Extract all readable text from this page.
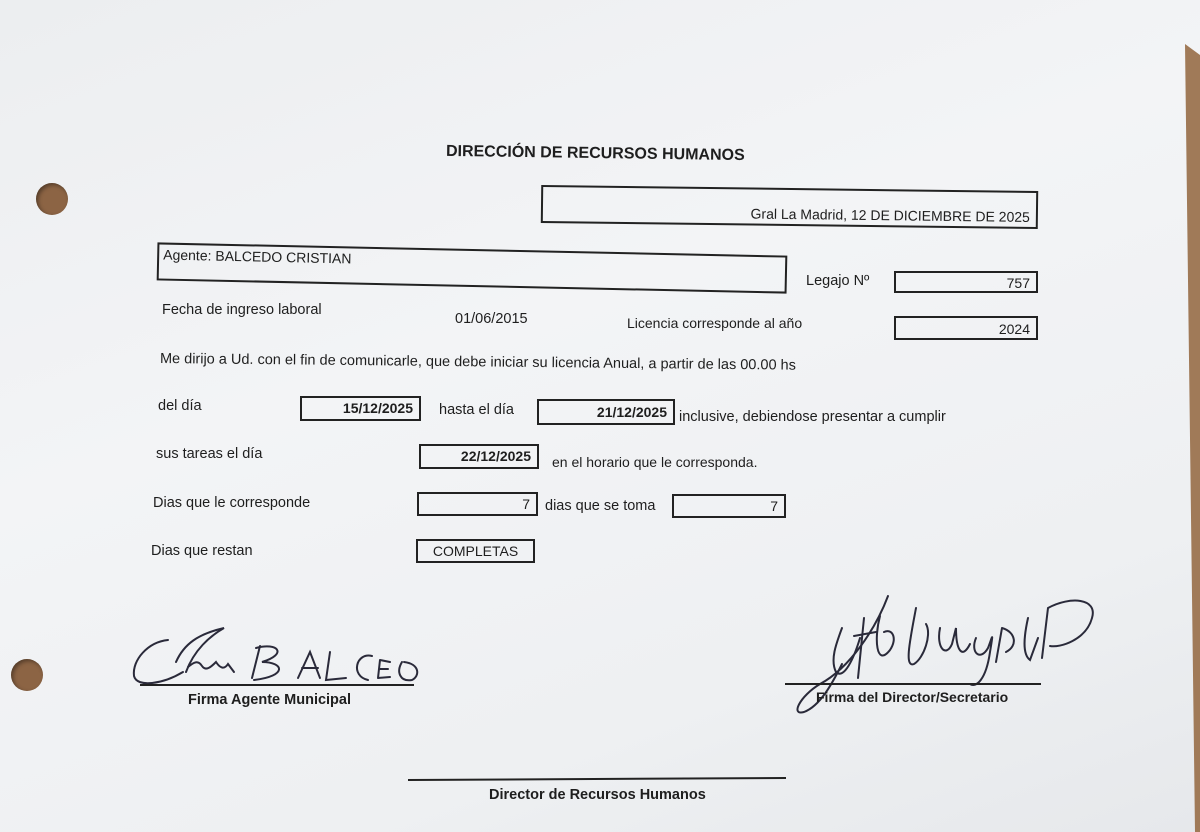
DIRECCIÓN DE RECURSOS HUMANOS
Gral La Madrid, 12 DE DICIEMBRE DE 2025
Agente: BALCEDO CRISTIAN
Legajo Nº	757
Fecha de ingreso laboral
01/06/2015	Licencia corresponde al año	2024
Me dirijo a Ud. con el fin de comunicarle, que debe iniciar su licencia Anual, a partir de las 00.00 hs
del día	15/12/2025	hasta el día	21/12/2025 inclusive, debiendose presentar a cumplir
sus tareas el día	22/12/2025	en el horario que le corresponda.
Dias que le corresponde	7	dias que se toma	7
Dias que restan	COMPLETAS
Firma Agente Municipal	Firma del Director/Secretario
Director de Recursos Humanos
